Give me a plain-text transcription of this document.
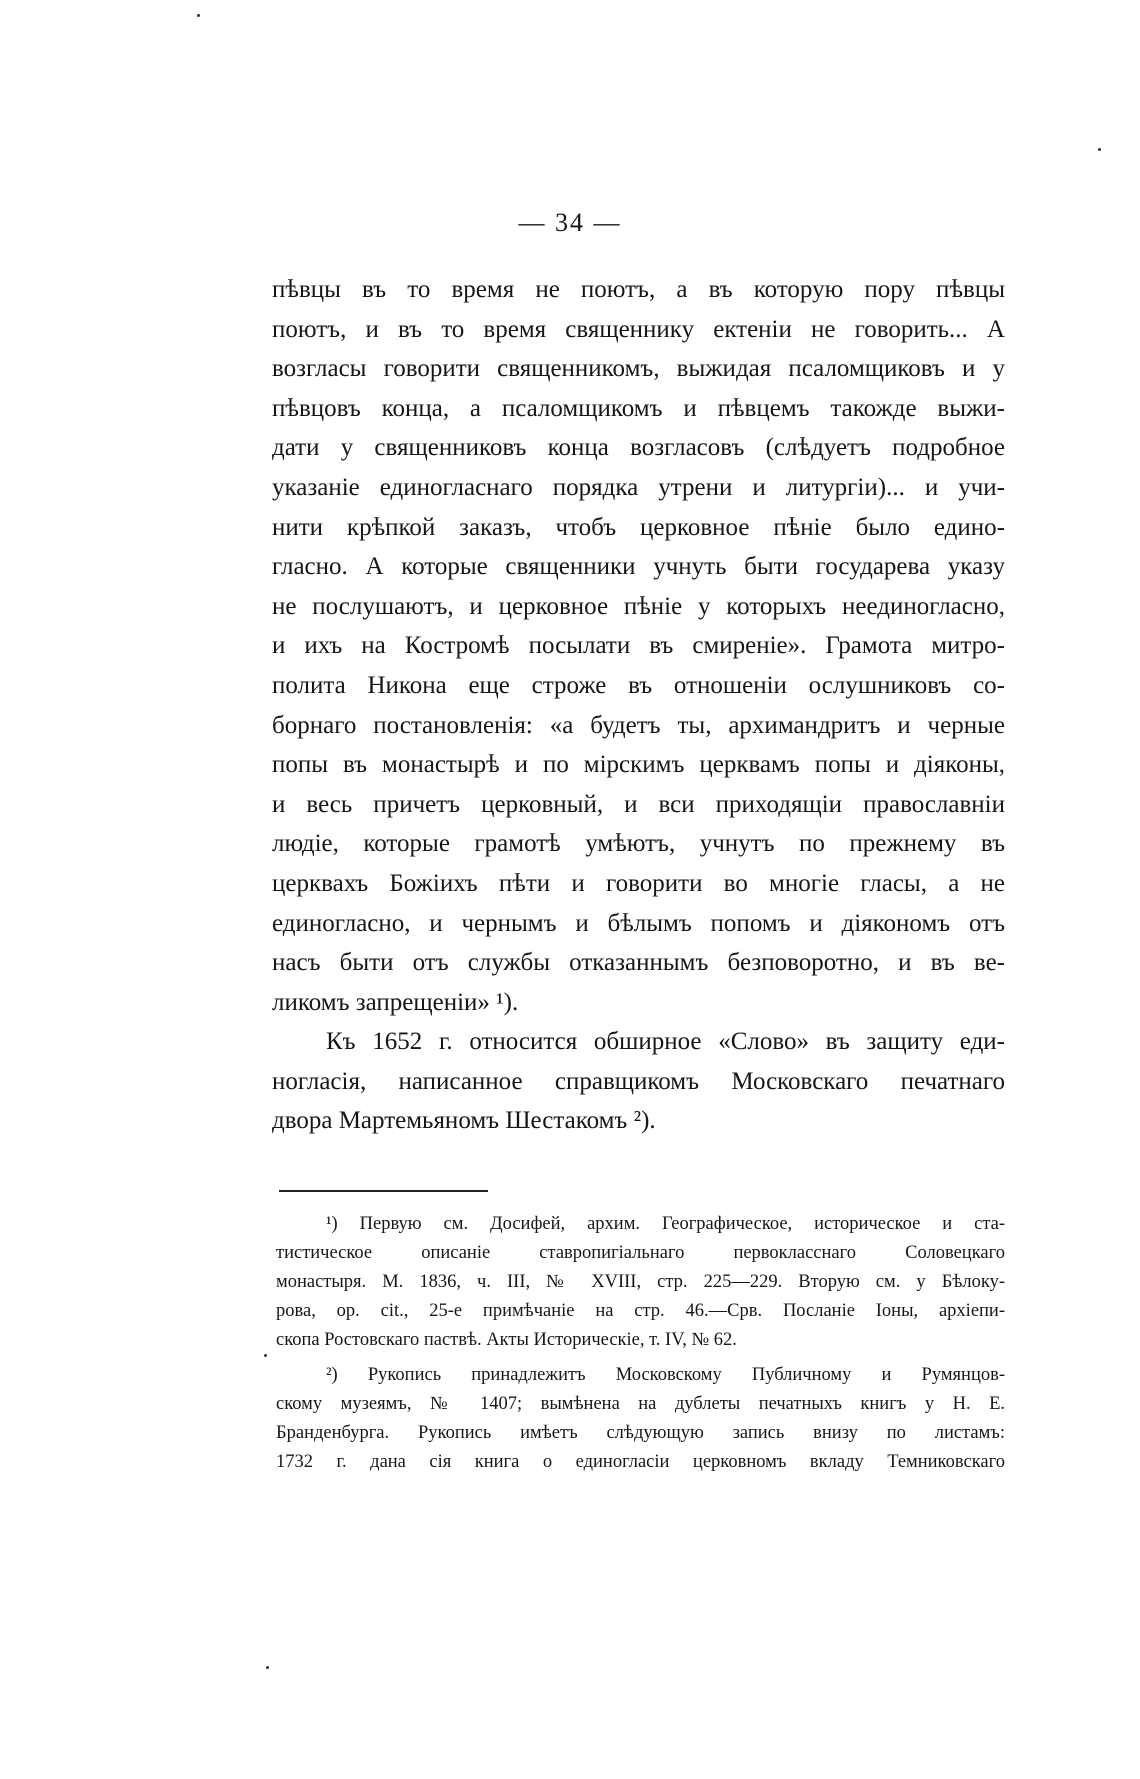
— 34 —
пѣвцы въ то время не поютъ, а въ которую пору пѣвцы
поютъ, и въ то время священнику ектеніи не говорить... А
возгласы говорити священникомъ, выжидая псаломщиковъ и у
пѣвцовъ конца, а псаломщикомъ и пѣвцемъ такожде выжи-
дати у священниковъ конца возгласовъ (слѣдуетъ подробное
указаніе единогласнаго порядка утрени и литургіи)... и учи-
нити крѣпкой заказъ, чтобъ церковное пѣніе было едино-
гласно. А которые священники учнуть быти государева указу
не послушаютъ, и церковное пѣніе у которыхъ неединогласно,
и ихъ на Костромѣ посылати въ смиреніе». Грамота митро-
полита Никона еще строже въ отношеніи ослушниковъ со-
борнаго постановленія: «а будетъ ты, архимандритъ и черные
попы въ монастырѣ и по мірскимъ церквамъ попы и діяконы,
и весь причетъ церковный, и вси приходящіи православніи
людіе, которые грамотѣ умѣютъ, учнутъ по прежнему въ
церквахъ Божіихъ пѣти и говорити во многіе гласы, а не
единогласно, и чернымъ и бѣлымъ попомъ и діякономъ отъ
насъ быти отъ службы отказаннымъ безповоротно, и въ ве-
ликомъ запрещеніи» ¹).
Къ 1652 г. относится обширное «Слово» въ защиту еди-
ногласія, написанное справщикомъ Московскаго печатнаго
двора Мартемьяномъ Шестакомъ ²).
¹) Первую см. Досифей, архим. Географическое, историческое и ста-
тистическое описаніе ставропигіальнаго первокласснаго Соловецкаго
монастыря. М. 1836, ч. III, № XVIII, стр. 225—229. Вторую см. у Бѣлоку-
рова, op. cit., 25-е примѣчаніе на стр. 46.—Срв. Посланіе Іоны, архіепи-
скопа Ростовскаго паствѣ. Акты Историческіе, т. IV, № 62.
²) Рукопись принадлежитъ Московскому Публичному и Румянцов-
скому музеямъ, № 1407; вымѣнена на дублеты печатныхъ книгъ у Н. Е.
Бранденбурга. Рукопись имѣетъ слѣдующую запись внизу по листамъ:
1732 г. дана сія книга о единогласіи церковномъ вкладу Темниковскаго
